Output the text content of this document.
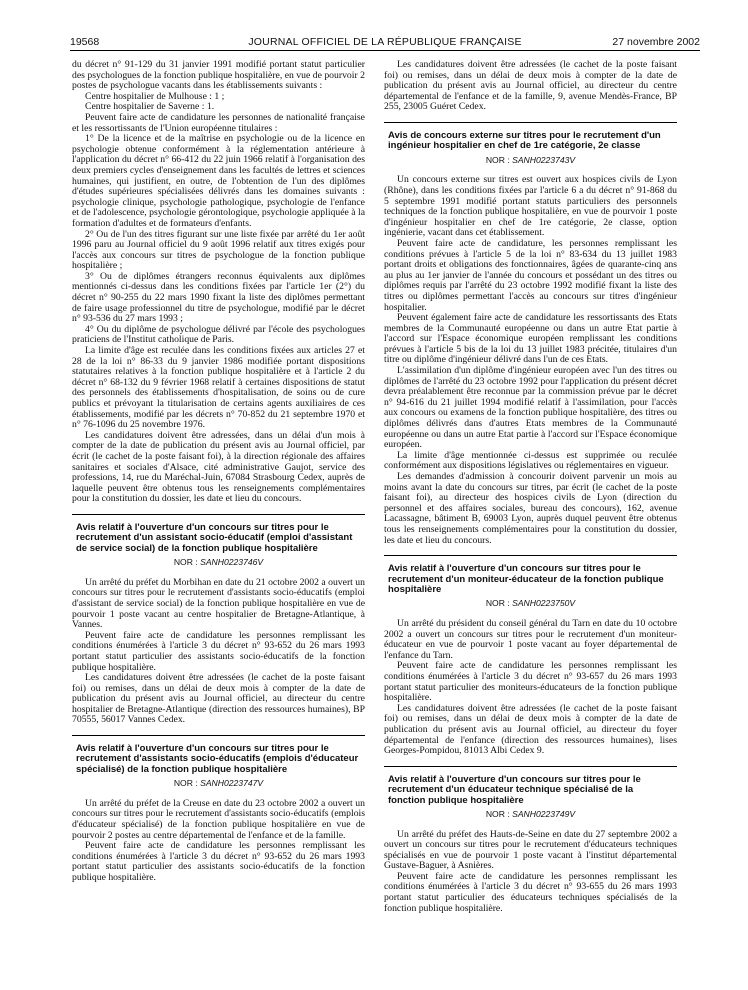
19568	JOURNAL OFFICIEL DE LA RÉPUBLIQUE FRANÇAISE	27 novembre 2002

du décret n° 91-129 du 31 janvier 1991 modifié portant statut particulier des psychologues de la fonction publique hospitalière, en vue de pourvoir 2 postes de psychologue vacants dans les établissements suivants :

Centre hospitalier de Mulhouse : 1 ;

Centre hospitalier de Saverne : 1.

Peuvent faire acte de candidature les personnes de nationalité française et les ressortissants de l'Union européenne titulaires :

1° De la licence et de la maîtrise en psychologie ou de la licence en psychologie obtenue conformément à la réglementation antérieure à l'application du décret n° 66-412 du 22 juin 1966 relatif à l'organisation des deux premiers cycles d'enseignement dans les facultés de lettres et sciences humaines, qui justifient, en outre, de l'obtention de l'un des diplômes d'études supérieures spécialisées délivrés dans les domaines suivants : psychologie clinique, psychologie pathologique, psychologie de l'enfance et de l'adolescence, psychologie gérontologique, psychologie appliquée à la formation d'adultes et de formateurs d'enfants.

2° Ou de l'un des titres figurant sur une liste fixée par arrêté du 1er août 1996 paru au Journal officiel du 9 août 1996 relatif aux titres exigés pour l'accès aux concours sur titres de psychologue de la fonction publique hospitalière ;

3° Ou de diplômes étrangers reconnus équivalents aux diplômes mentionnés ci-dessus dans les conditions fixées par l'article 1er (2°) du décret n° 90-255 du 22 mars 1990 fixant la liste des diplômes permettant de faire usage professionnel du titre de psychologue, modifié par le décret n° 93-536 du 27 mars 1993 ;

4° Ou du diplôme de psychologue délivré par l'école des psychologues praticiens de l'Institut catholique de Paris.

La limite d'âge est reculée dans les conditions fixées aux articles 27 et 28 de la loi n° 86-33 du 9 janvier 1986 modifiée portant dispositions statutaires relatives à la fonction publique hospitalière et à l'article 2 du décret n° 68-132 du 9 février 1968 relatif à certaines dispositions de statut des personnels des établissements d'hospitalisation, de soins ou de cure publics et prévoyant la titularisation de certains agents auxiliaires de ces établissements, modifié par les décrets n° 70-852 du 21 septembre 1970 et n° 76-1096 du 25 novembre 1976.

Les candidatures doivent être adressées, dans un délai d'un mois à compter de la date de publication du présent avis au Journal officiel, par écrit (le cachet de la poste faisant foi), à la direction régionale des affaires sanitaires et sociales d'Alsace, cité administrative Gaujot, service des professions, 14, rue du Maréchal-Juin, 67084 Strasbourg Cedex, auprès de laquelle peuvent être obtenus tous les renseignements complémentaires pour la constitution du dossier, les date et lieu du concours.

Avis relatif à l'ouverture d'un concours sur titres pour le recrutement d'un assistant socio-éducatif (emploi d'assistant de service social) de la fonction publique hospitalière
NOR : SANH0223746V

Un arrêté du préfet du Morbihan en date du 21 octobre 2002 a ouvert un concours sur titres pour le recrutement d'assistants socio-éducatifs (emploi d'assistant de service social) de la fonction publique hospitalière en vue de pourvoir 1 poste vacant au centre hospitalier de Bretagne-Atlantique, à Vannes.

Peuvent faire acte de candidature les personnes remplissant les conditions énumérées à l'article 3 du décret n° 93-652 du 26 mars 1993 portant statut particulier des assistants socio-éducatifs de la fonction publique hospitalière.

Les candidatures doivent être adressées (le cachet de la poste faisant foi) ou remises, dans un délai de deux mois à compter de la date de publication du présent avis au Journal officiel, au directeur du centre hospitalier de Bretagne-Atlantique (direction des ressources humaines), BP 70555, 56017 Vannes Cedex.

Avis relatif à l'ouverture d'un concours sur titres pour le recrutement d'assistants socio-éducatifs (emplois d'éducateur spécialisé) de la fonction publique hospitalière
NOR : SANH0223747V

Un arrêté du préfet de la Creuse en date du 23 octobre 2002 a ouvert un concours sur titres pour le recrutement d'assistants socio-éducatifs (emplois d'éducateur spécialisé) de la fonction publique hospitalière en vue de pourvoir 2 postes au centre départemental de l'enfance et de la famille.

Peuvent faire acte de candidature les personnes remplissant les conditions énumérées à l'article 3 du décret n° 93-652 du 26 mars 1993 portant statut particulier des assistants socio-éducatifs de la fonction publique hospitalière.

Les candidatures doivent être adressées (le cachet de la poste faisant foi) ou remises, dans un délai de deux mois à compter de la date de publication du présent avis au Journal officiel, au directeur du centre départemental de l'enfance et de la famille, 9, avenue Mendès-France, BP 255, 23005 Guéret Cedex.

Avis de concours externe sur titres pour le recrutement d'un ingénieur hospitalier en chef de 1re catégorie, 2e classe
NOR : SANH0223743V

Un concours externe sur titres est ouvert aux hospices civils de Lyon (Rhône), dans les conditions fixées par l'article 6 a du décret n° 91-868 du 5 septembre 1991 modifié portant statuts particuliers des personnels techniques de la fonction publique hospitalière, en vue de pourvoir 1 poste d'ingénieur hospitalier en chef de 1re catégorie, 2e classe, option ingénierie, vacant dans cet établissement.

Peuvent faire acte de candidature, les personnes remplissant les conditions prévues à l'article 5 de la loi n° 83-634 du 13 juillet 1983 portant droits et obligations des fonctionnaires, âgées de quarante-cinq ans au plus au 1er janvier de l'année du concours et possédant un des titres ou diplômes requis par l'arrêté du 23 octobre 1992 modifié fixant la liste des titres ou diplômes permettant l'accès au concours sur titres d'ingénieur hospitalier.

Peuvent également faire acte de candidature les ressortissants des Etats membres de la Communauté européenne ou dans un autre Etat partie à l'accord sur l'Espace économique européen remplissant les conditions prévues à l'article 5 bis de la loi du 13 juillet 1983 précitée, titulaires d'un titre ou diplôme d'ingénieur délivré dans l'un de ces Etats.

L'assimilation d'un diplôme d'ingénieur européen avec l'un des titres ou diplômes de l'arrêté du 23 octobre 1992 pour l'application du présent décret devra préalablement être reconnue par la commission prévue par le décret n° 94-616 du 21 juillet 1994 modifié relatif à l'assimilation, pour l'accès aux concours ou examens de la fonction publique hospitalière, des titres ou diplômes délivrés dans d'autres Etats membres de la Communauté européenne ou dans un autre Etat partie à l'accord sur l'Espace économique européen.

La limite d'âge mentionnée ci-dessus est supprimée ou reculée conformément aux dispositions législatives ou réglementaires en vigueur.

Les demandes d'admission à concourir doivent parvenir un mois au moins avant la date du concours sur titres, par écrit (le cachet de la poste faisant foi), au directeur des hospices civils de Lyon (direction du personnel et des affaires sociales, bureau des concours), 162, avenue Lacassagne, bâtiment B, 69003 Lyon, auprès duquel peuvent être obtenus tous les renseignements complémentaires pour la constitution du dossier, les date et lieu du concours.

Avis relatif à l'ouverture d'un concours sur titres pour le recrutement d'un moniteur-éducateur de la fonction publique hospitalière
NOR : SANH0223750V

Un arrêté du président du conseil général du Tarn en date du 10 octobre 2002 a ouvert un concours sur titres pour le recrutement d'un moniteur-éducateur en vue de pourvoir 1 poste vacant au foyer départemental de l'enfance du Tarn.

Peuvent faire acte de candidature les personnes remplissant les conditions énumérées à l'article 3 du décret n° 93-657 du 26 mars 1993 portant statut particulier des moniteurs-éducateurs de la fonction publique hospitalière.

Les candidatures doivent être adressées (le cachet de la poste faisant foi) ou remises, dans un délai de deux mois à compter de la date de publication du présent avis au Journal officiel, au directeur du foyer départemental de l'enfance (direction des ressources humaines), lises Georges-Pompidou, 81013 Albi Cedex 9.

Avis relatif à l'ouverture d'un concours sur titres pour le recrutement d'un éducateur technique spécialisé de la fonction publique hospitalière
NOR : SANH0223749V

Un arrêté du préfet des Hauts-de-Seine en date du 27 septembre 2002 a ouvert un concours sur titres pour le recrutement d'éducateurs techniques spécialisés en vue de pourvoir 1 poste vacant à l'institut départemental Gustave-Baguer, à Asnières.

Peuvent faire acte de candidature les personnes remplissant les conditions énumérées à l'article 3 du décret n° 93-655 du 26 mars 1993 portant statut particulier des éducateurs techniques spécialisés de la fonction publique hospitalière.
